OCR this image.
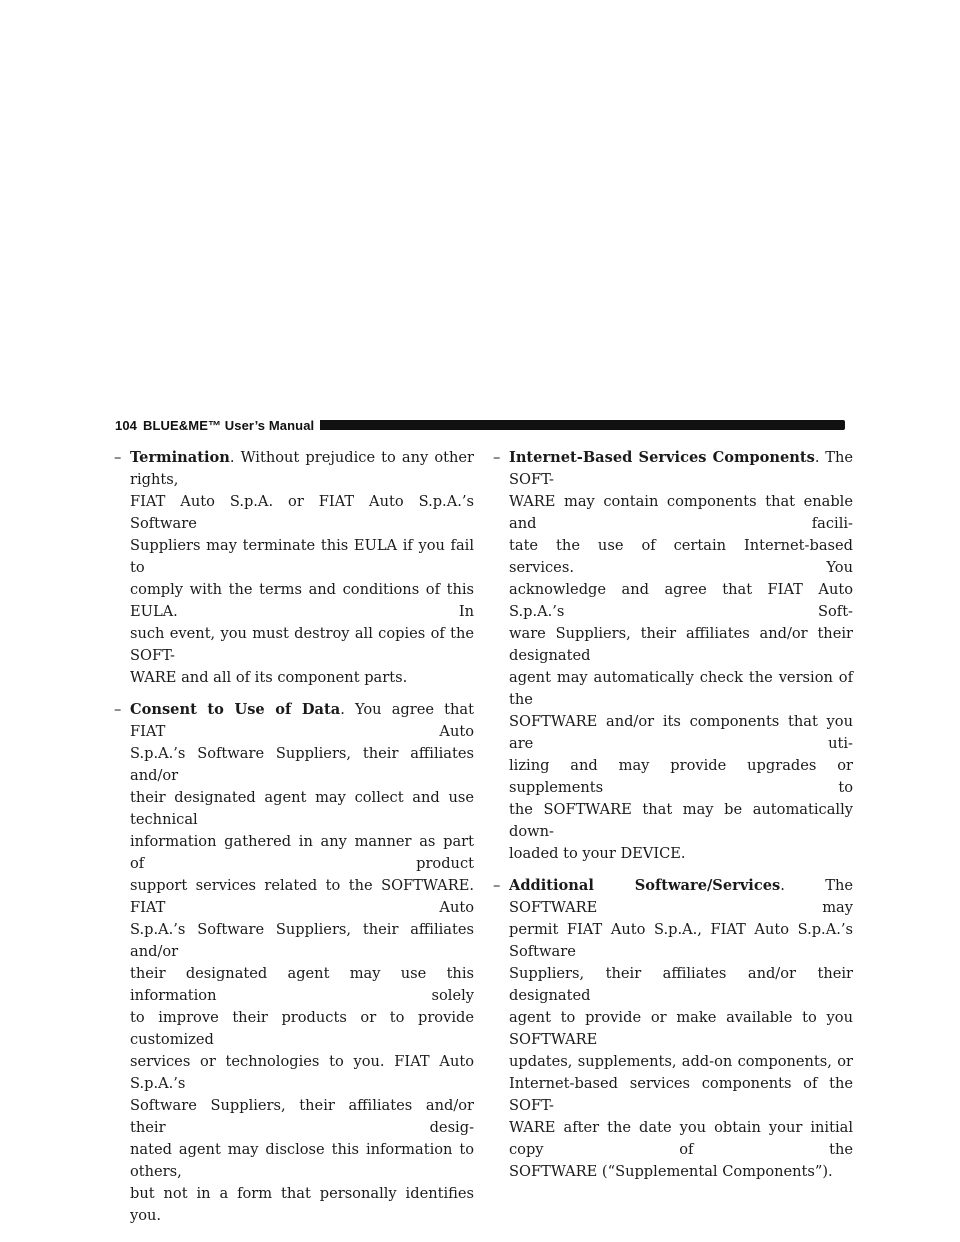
104 BLUE&ME™ User’s Manual
– Termination. Without prejudice to any other rights,
FIAT Auto S.p.A. or FIAT Auto S.p.A.’s Software
Suppliers may terminate this EULA if you fail to
comply with the terms and conditions of this EULA. In
such event, you must destroy all copies of the SOFT-
WARE and all of its component parts.
– Consent to Use of Data. You agree that FIAT Auto
S.p.A.’s Software Suppliers, their affiliates and/or
their designated agent may collect and use technical
information gathered in any manner as part of product
support services related to the SOFTWARE. FIAT Auto
S.p.A.’s Software Suppliers, their affiliates and/or
their designated agent may use this information solely
to improve their products or to provide customized
services or technologies to you. FIAT Auto S.p.A.’s
Software Suppliers, their affiliates and/or their desig-
nated agent may disclose this information to others,
but not in a form that personally identifies you.
– Internet-Based Services Components. The SOFT-
WARE may contain components that enable and facili-
tate the use of certain Internet-based services. You
acknowledge and agree that FIAT Auto S.p.A.’s Soft-
ware Suppliers, their affiliates and/or their designated
agent may automatically check the version of the
SOFTWARE and/or its components that you are uti-
lizing and may provide upgrades or supplements to
the SOFTWARE that may be automatically down-
loaded to your DEVICE.
– Additional Software/Services. The SOFTWARE may
permit FIAT Auto S.p.A., FIAT Auto S.p.A.’s Software
Suppliers, their affiliates and/or their designated
agent to provide or make available to you SOFTWARE
updates, supplements, add-on components, or
Internet-based services components of the SOFT-
WARE after the date you obtain your initial copy of the
SOFTWARE (“Supplemental Components”).
